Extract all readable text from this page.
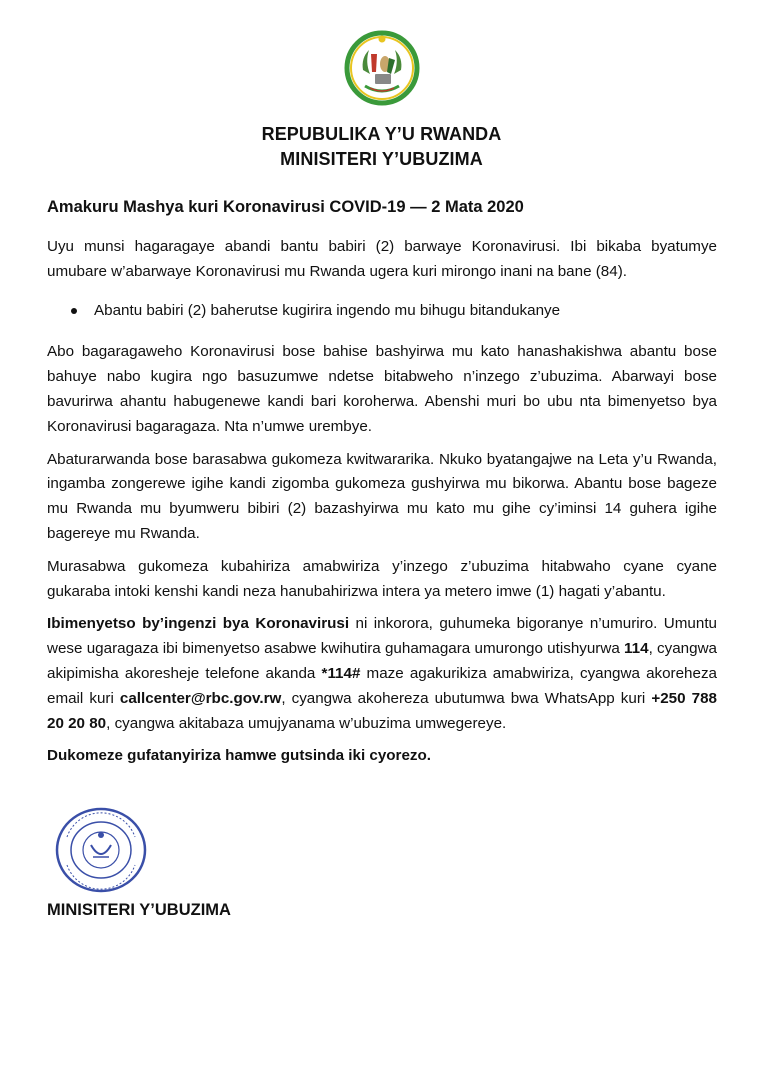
REPUBULIKA Y’U RWANDA
MINISITERI Y’UBUZIMA
Amakuru Mashya kuri Koronavirusi COVID-19 — 2 Mata 2020

Uyu munsi hagaragaye abandi bantu babiri (2) barwaye Koronavirusi. Ibi bikaba byatumye umubare w’abarwaye Koronavirusi mu Rwanda ugera kuri mirongo inani na bane (84).

Abantu babiri (2) baherutse kugirira ingendo mu bihugu bitandukanye

Abo bagaragaweho Koronavirusi bose bahise bashyirwa mu kato hanashakishwa abantu bose bahuye nabo kugira ngo basuzumwe ndetse bitabweho n’inzego z’ubuzima. Abarwayi bose bavurirwa ahantu habugenewe kandi bari koroherwa. Abenshi muri bo ubu nta bimenyetso bya Koronavirusi bagaragaza. Nta n’umwe urembye.

Abaturarwanda bose barasabwa gukomeza kwitwararika. Nkuko byatangajwe na Leta y’u Rwanda, ingamba zongerewe igihe kandi zigomba gukomeza gushyirwa mu bikorwa. Abantu bose bageze mu Rwanda mu byumweru bibiri (2) bazashyirwa mu kato mu gihe cy’iminsi 14 guhera igihe bagereye mu Rwanda.

Murasabwa gukomeza kubahiriza amabwiriza y’inzego z’ubuzima hitabwaho cyane cyane gukaraba intoki kenshi kandi neza hanubahirizwa intera ya metero imwe (1) hagati y’abantu.

Ibimenyetso by’ingenzi bya Koronavirusi ni inkorora, guhumeka bigoranye n’umuriro. Umuntu wese ugaragaza ibi bimenyetso asabwe kwihutira guhamagara umurongo utishyurwa 114, cyangwa akipimisha akoresheje telefone akanda *114# maze agakurikiza amabwiriza, cyangwa akoreheza email kuri callcenter@rbc.gov.rw, cyangwa akohereza ubutumwa bwa WhatsApp kuri +250 788 20 20 80, cyangwa akitabaza umujyanama w’ubuzima umwegereye.

Dukomeze gufatanyiriza hamwe gutsinda iki cyorezo.

MINISITERI Y’UBUZIMA
